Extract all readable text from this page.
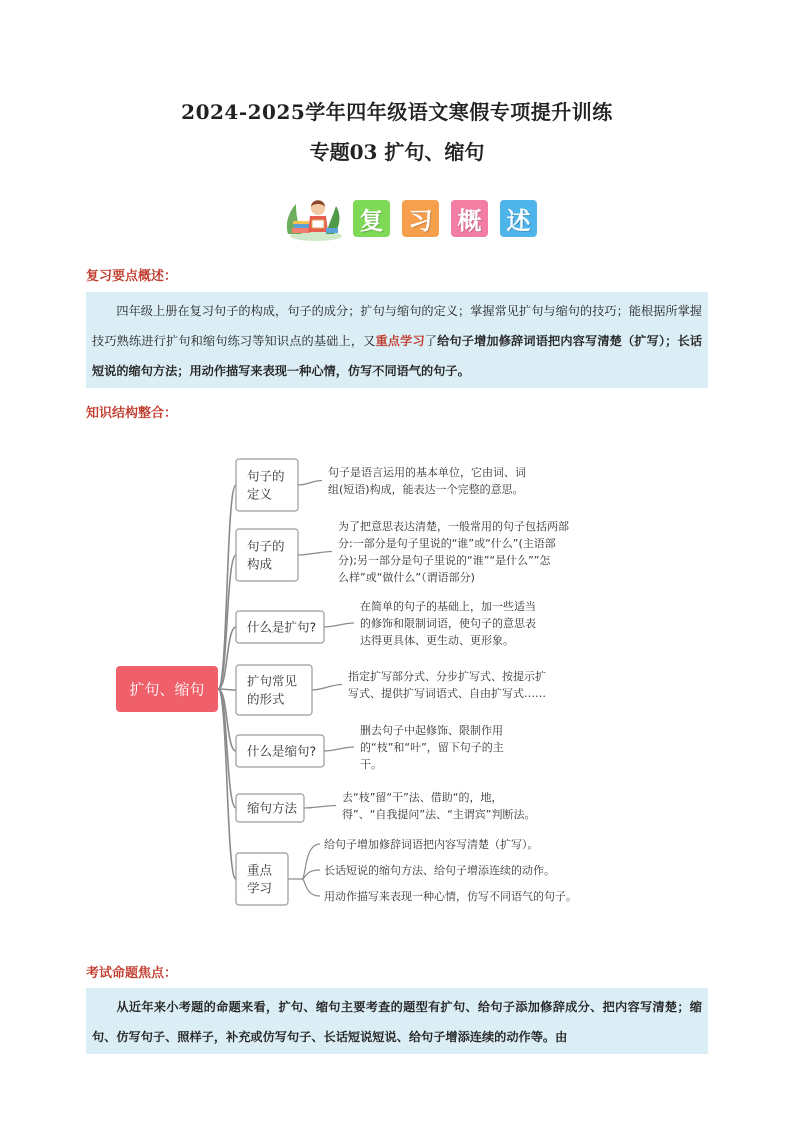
2024-2025学年四年级语文寒假专项提升训练
专题03 扩句、缩句
复 习 概 述
复习要点概述：

四年级上册在复习句子的构成，句子的成分；扩句与缩句的定义；掌握常见扩句与缩句的技巧；能根据所掌握技巧熟练进行扩句和缩句练习等知识点的基础上，又重点学习了给句子增加修辞词语把内容写清楚（扩写）；长话短说的缩句方法；用动作描写来表现一种心情，仿写不同语气的句子。

知识结构整合：
句子的
定义
句子是语言运用的基本单位，它由词、词
组(短语)构成，能表达一个完整的意思。
句子的
构成
为了把意思表达清楚，一般常用的句子包括两部
分:一部分是句子里说的“谁”或“什么”(主语部
分);另一部分是句子里说的“谁”“是什么””怎
么样”或“做什么”（谓语部分)
什么是扩句?
在简单的句子的基础上，加一些适当
的修饰和限制词语，使句子的意思表
达得更具体、更生动、更形象。
扩句常见
的形式
指定扩写部分式、分步扩写式、按提示扩
写式、提供扩写词语式、自由扩写式……
什么是缩句?
删去句子中起修饰、限制作用
的“枝”和“叶”，留下句子的主
干。
缩句方法
去“枝”留“干”法、借助“的，地，
得”、“自我提问”法、“主谓宾”判断法。
重点
学习
给句子增加修辞词语把内容写清楚（扩写）。
长话短说的缩句方法、给句子增添连续的动作。
用动作描写来表现一种心情，仿写不同语气的句子。
扩句、缩句
考试命题焦点：

从近年来小考题的命题来看，扩句、缩句主要考查的题型有扩句、给句子添加修辞成分、把内容写清楚；缩句、仿写句子、照样子，补充或仿写句子、长话短说短说、给句子增添连续的动作等。由
